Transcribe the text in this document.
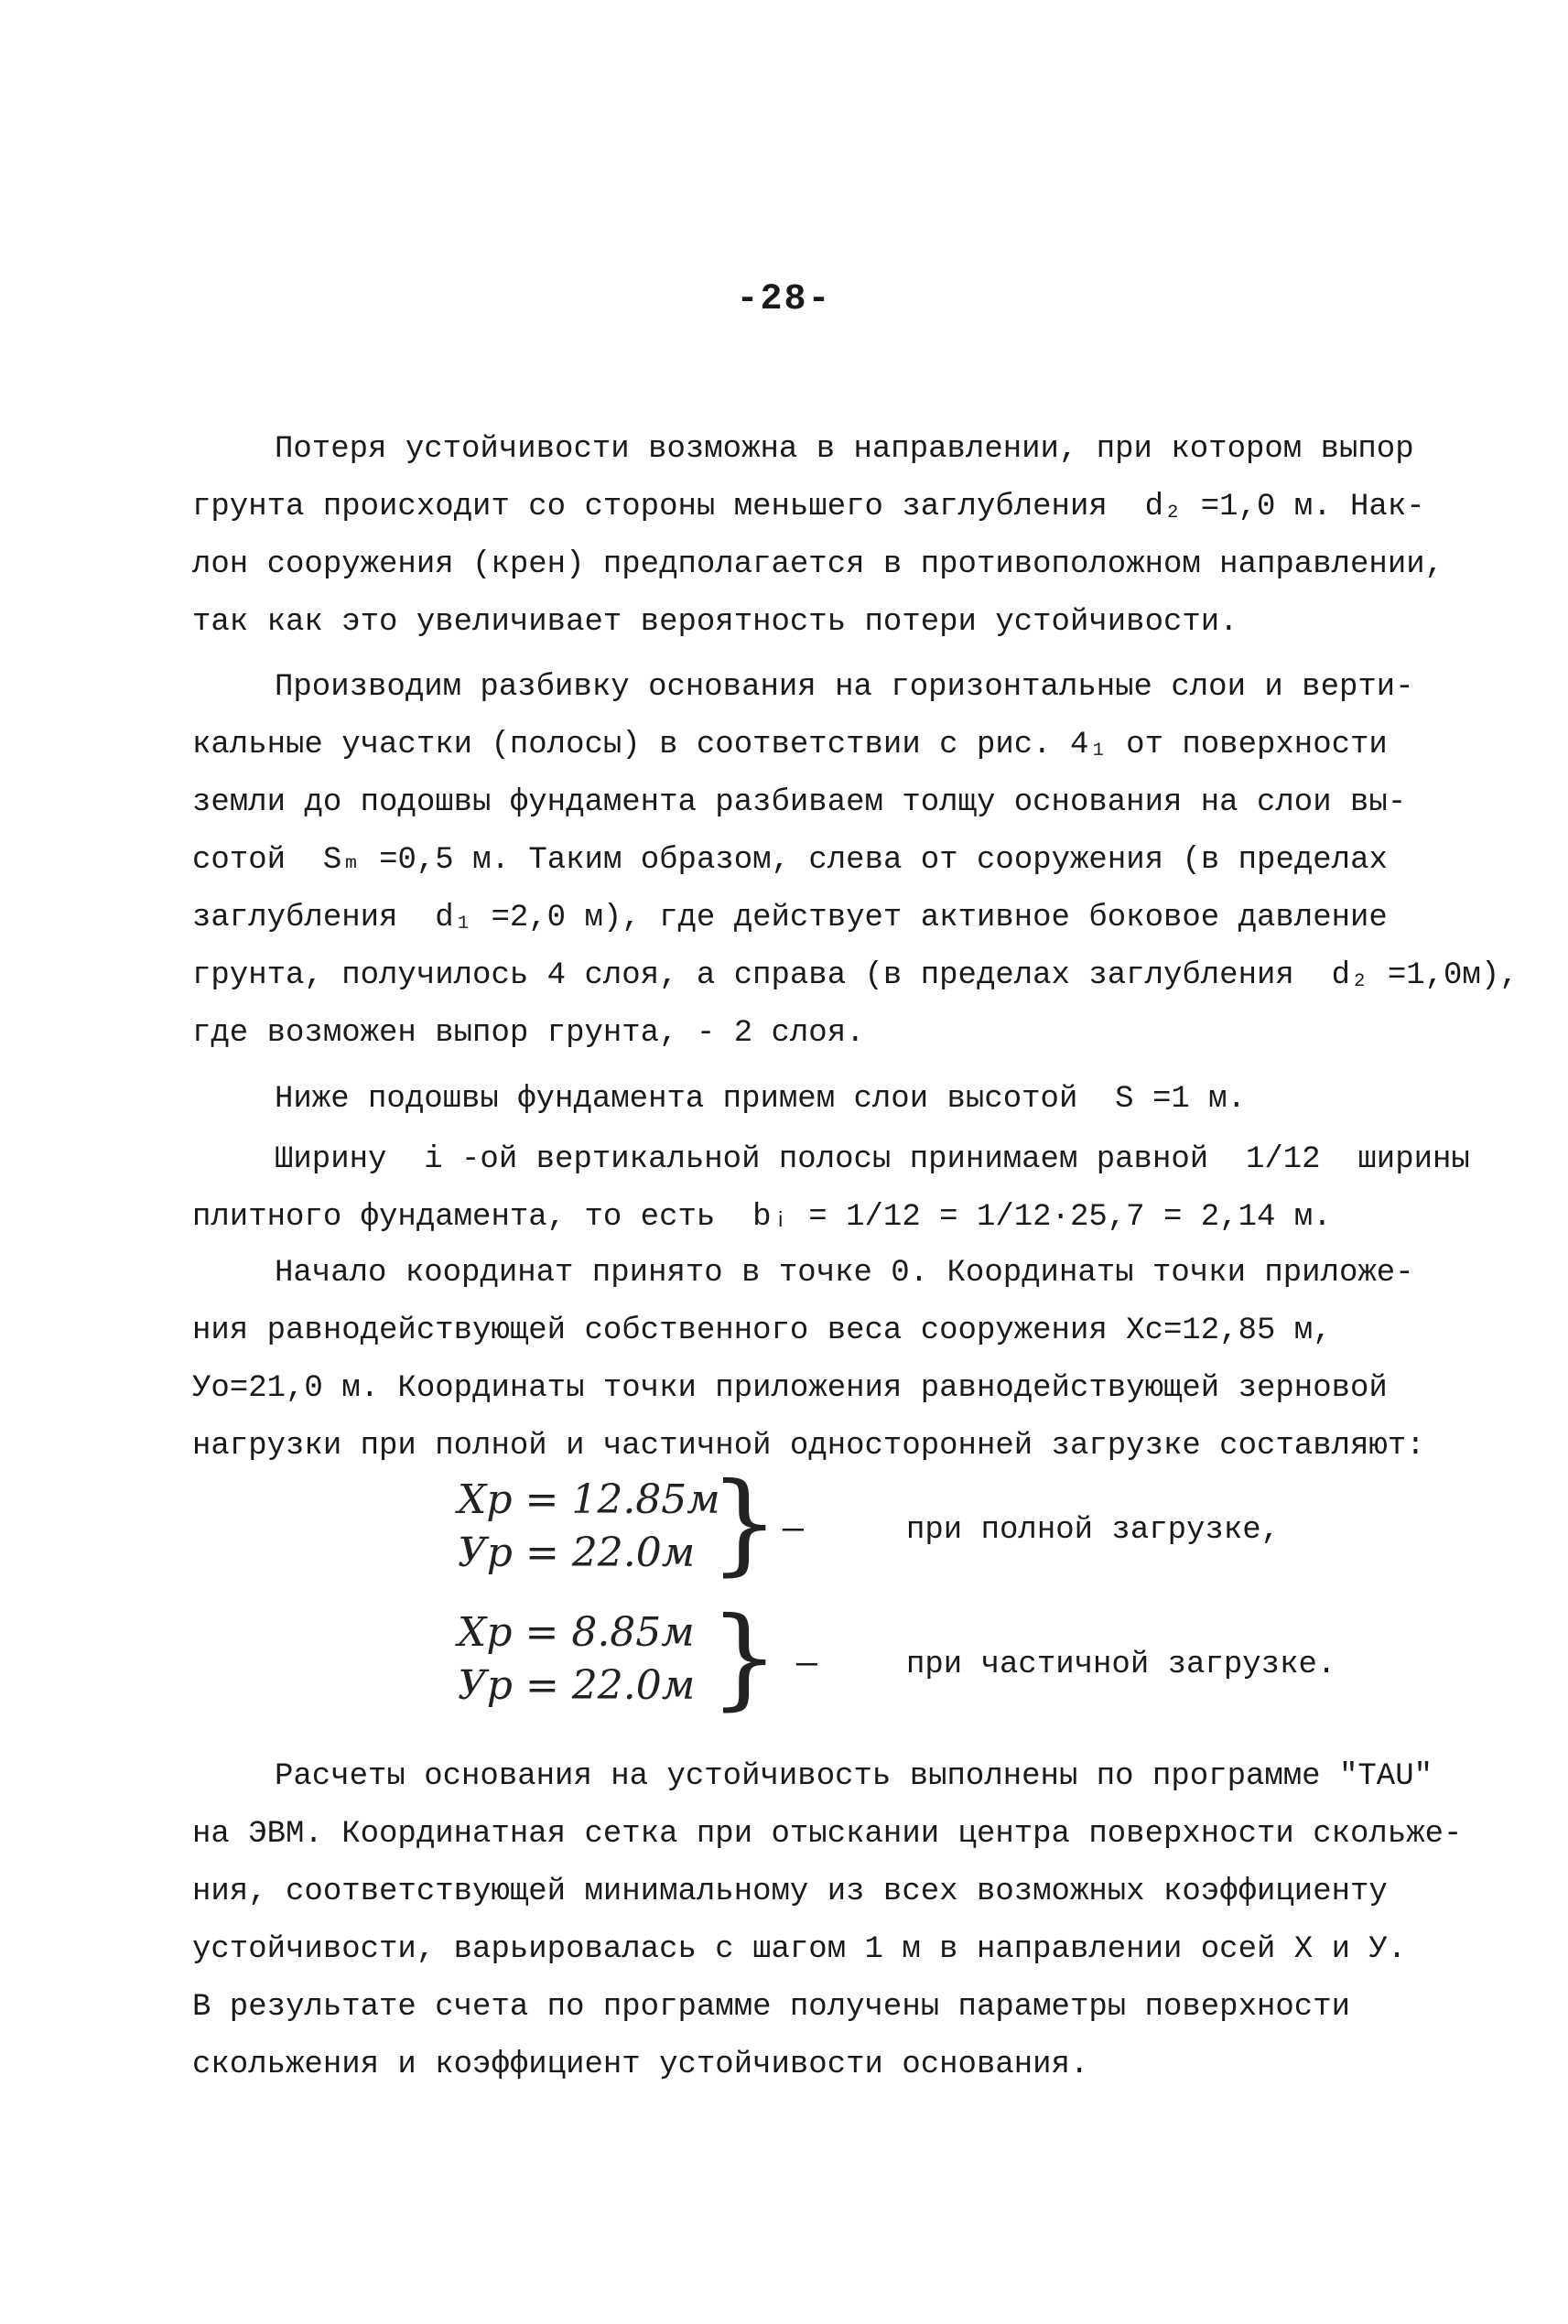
-28-
Потеря устойчивости возможна в направлении, при котором выпор
грунта происходит со стороны меньшего заглубления  d₂ =1,0 м. Нак-
лон сооружения (крен) предполагается в противоположном направлении,
так как это увеличивает вероятность потери устойчивости.
Производим разбивку основания на горизонтальные слои и верти-
кальные участки (полосы) в соответствии с рис. 4₁ от поверхности
земли до подошвы фундамента разбиваем толщу основания на слои вы-
сотой  Sₘ =0,5 м. Таким образом, слева от сооружения (в пределах
заглубления  d₁ =2,0 м), где действует активное боковое давление
грунта, получилось 4 слоя, а справа (в пределах заглубления  d₂ =1,0м),
где возможен выпор грунта, - 2 слоя.
Ниже подошвы фундамента примем слои высотой  S =1 м.
Ширину  i -ой вертикальной полосы принимаем равной  1/12  ширины
плитного фундамента, то есть  bᵢ = 1/12 = 1/12·25,7 = 2,14 м.
Начало координат принято в точке 0. Координаты точки приложе-
ния равнодействующей собственного веса сооружения Xc=12,85 м,
Уо=21,0 м. Координаты точки приложения равнодействующей зерновой
нагрузки при полной и частичной односторонней загрузке составляют:
Xp = 12.85м
Уp = 22.0м } —	при полной загрузке,
Xp = 8.85м
Уp = 22.0м } —	при частичной загрузке.
Расчеты основания на устойчивость выполнены по программе "TAU"
на ЭВМ. Координатная сетка при отыскании центра поверхности скольже-
ния, соответствующей минимальному из всех возможных коэффициенту
устойчивости, варьировалась с шагом 1 м в направлении осей X и У.
В результате счета по программе получены параметры поверхности
скольжения и коэффициент устойчивости основания.
